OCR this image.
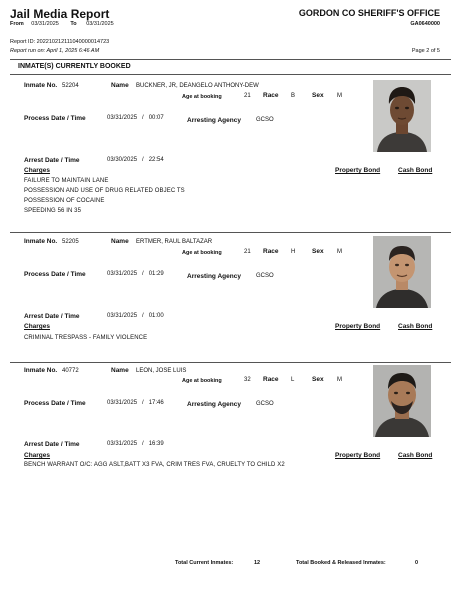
Jail Media Report
From 03/31/2025 To 03/31/2025
GORDON CO SHERIFF'S OFFICE
GA0640000
Report ID: 202210212111040000014723
Report run on: April 1, 2025 6:46 AM	Page 2 of 5
INMATE(S) CURRENTLY BOOKED
Inmate No. 52204	Name BUCKNER, JR, DEANGELO ANTHONY-DEW
Age at booking	21 Race B	Sex M
Process Date / Time	03/31/2025 / 00:07	Arresting Agency	GCSO
Arrest Date / Time	03/30/2025 / 22:54
Charges	Property Bond	Cash Bond
FAILURE TO MAINTAIN LANE
POSSESSION AND USE OF DRUG RELATED OBJEC TS
POSSESSION OF COCAINE
SPEEDING 56 IN 35
Inmate No. 52205	Name ERTMER, RAUL BALTAZAR
Age at booking	21 Race H	Sex M
Process Date / Time	03/31/2025 / 01:29	Arresting Agency	GCSO
Arrest Date / Time	03/31/2025 / 01:00
Charges	Property Bond	Cash Bond
CRIMINAL TRESPASS - FAMILY VIOLENCE
Inmate No. 40772	Name LEON, JOSE LUIS
Age at booking	32 Race L	Sex M
Process Date / Time	03/31/2025 / 17:46	Arresting Agency	GCSO
Arrest Date / Time	03/31/2025 / 16:39
Charges	Property Bond	Cash Bond
BENCH WARRANT O/C: AGG ASLT,BATT X3 FVA, CRIM TRES FVA, CRUELTY TO CHILD X2
Total Current Inmates:	12	Total Booked & Released Inmates:	0
